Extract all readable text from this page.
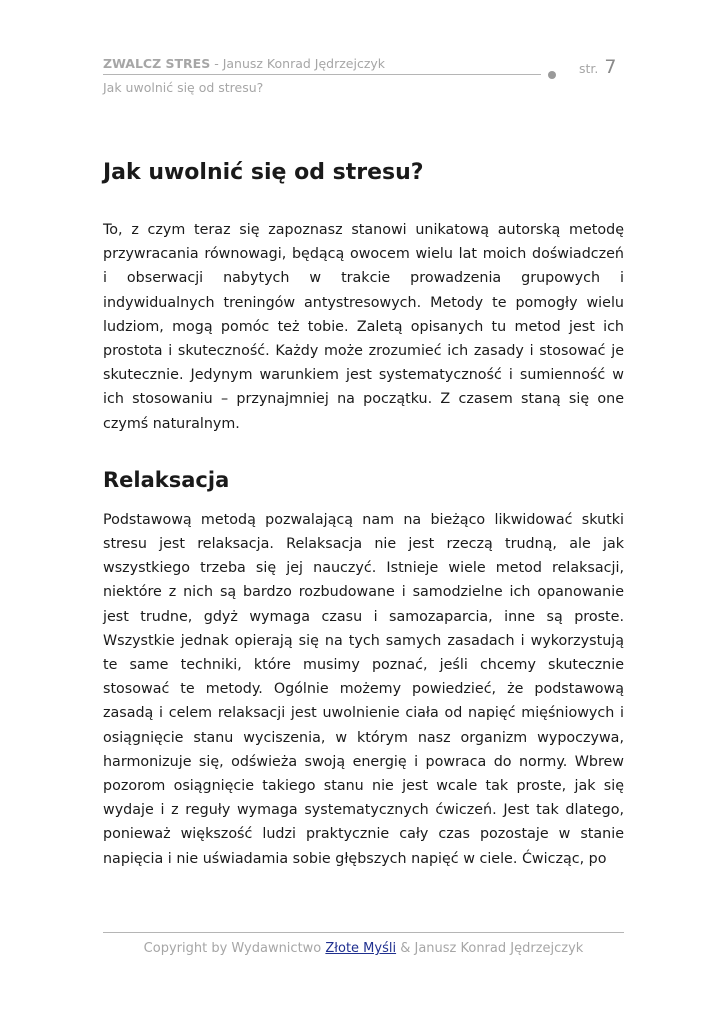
ZWALCZ STRES - Janusz Konrad Jędrzejczyk	str. 7
Jak uwolnić się od stresu?
Jak uwolnić się od stresu?

To, z czym teraz się zapoznasz stanowi unikatową autorską metodę przywracania równowagi, będącą owocem wielu lat moich doświadczeń i obserwacji nabytych w trakcie prowadzenia grupowych i indywidualnych treningów antystresowych. Metody te pomogły wielu ludziom, mogą pomóc też tobie. Zaletą opisanych tu metod jest ich prostota i skuteczność. Każdy może zrozumieć ich zasady i stosować je skutecznie. Jedynym warunkiem jest systematyczność i sumienność w ich stosowaniu – przynajmniej na początku. Z czasem staną się one czymś naturalnym.

Relaksacja

Podstawową metodą pozwalającą nam na bieżąco likwidować skutki stresu jest relaksacja. Relaksacja nie jest rzeczą trudną, ale jak wszystkiego trzeba się jej nauczyć. Istnieje wiele metod relaksacji, niektóre z nich są bardzo rozbudowane i samodzielne ich opanowanie jest trudne, gdyż wymaga czasu i samozaparcia, inne są proste. Wszystkie jednak opierają się na tych samych zasadach i wykorzystują te same techniki, które musimy poznać, jeśli chcemy skutecznie stosować te metody. Ogólnie możemy powiedzieć, że podstawową zasadą i celem relaksacji jest uwolnienie ciała od napięć mięśniowych i osiągnięcie stanu wyciszenia, w którym nasz organizm wypoczywa, harmonizuje się, odświeża swoją energię i powraca do normy. Wbrew pozorom osiągnięcie takiego stanu nie jest wcale tak proste, jak się wydaje i z reguły wymaga systematycznych ćwiczeń. Jest tak dlatego, ponieważ większość ludzi praktycznie cały czas pozostaje w stanie napięcia i nie uświadamia sobie głębszych napięć w ciele. Ćwicząc, po

Copyright by Wydawnictwo Złote Myśli & Janusz Konrad Jędrzejczyk
